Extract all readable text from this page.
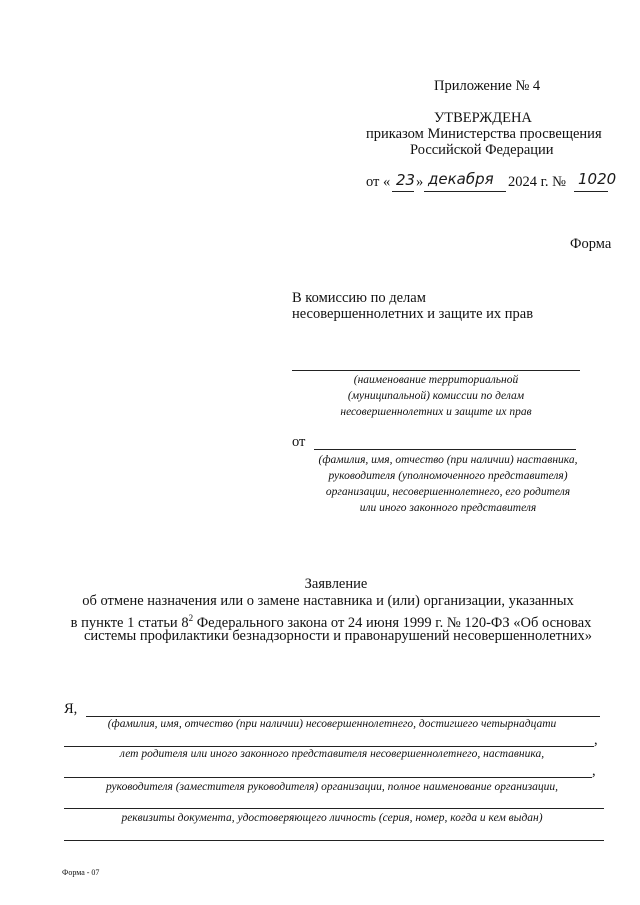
Приложение № 4
УТВЕРЖДЕНА
приказом Министерства просвещения
Российской Федерации
от « 23 » декабря 2024 г. № 1020
Форма
В комиссию по делам
несовершеннолетних и защите их прав
(наименование территориальной
(муниципальной) комиссии по делам
несовершеннолетних и защите их прав
от
(фамилия, имя, отчество (при наличии) наставника,
руководителя (уполномоченного представителя)
организации, несовершеннолетнего, его родителя
или иного законного представителя
Заявление
об отмене назначения или о замене наставника и (или) организации, указанных
в пункте 1 статьи $8^2$ Федерального закона от 24 июня 1999 г. № 120-ФЗ «Об основах
системы профилактики безнадзорности и правонарушений несовершеннолетних»
Я,
(фамилия, имя, отчество (при наличии) несовершеннолетнего, достигшего четырнадцати
,
лет родителя или иного законного представителя несовершеннолетнего, наставника,
,
руководителя (заместителя руководителя) организации, полное наименование организации,
реквизиты документа, удостоверяющего личность (серия, номер, когда и кем выдан)
Форма - 07
